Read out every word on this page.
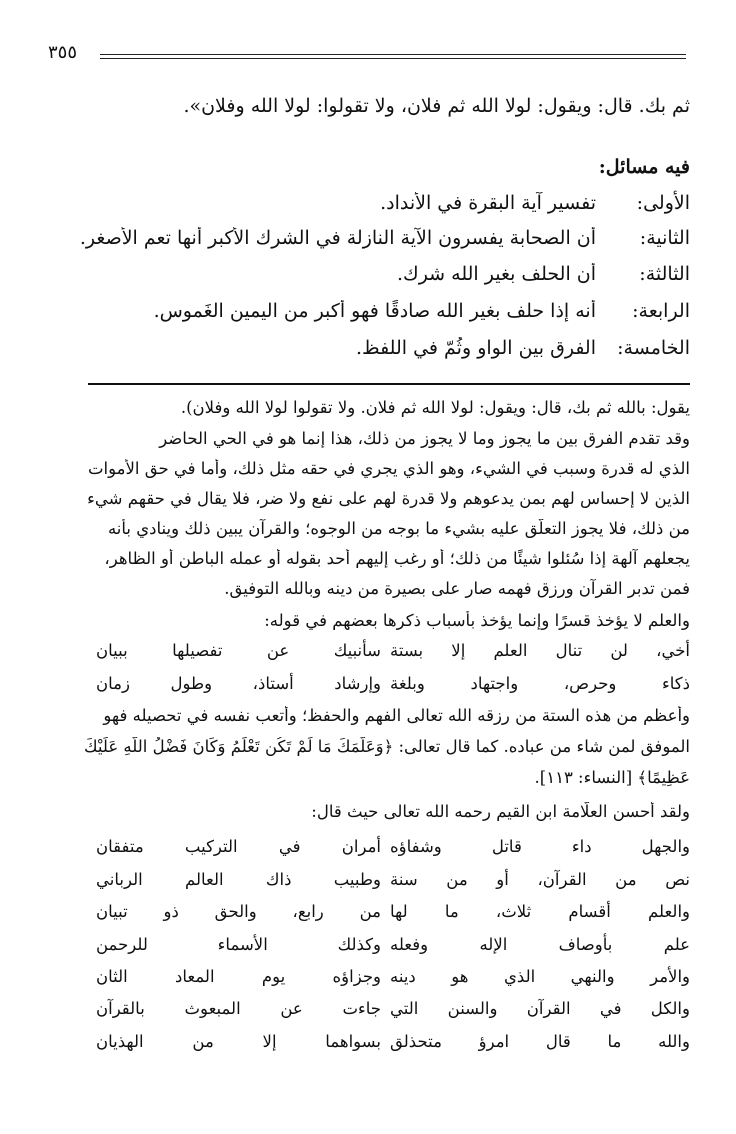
٣٥٥
ثم بك. قال: ويقول: لولا الله ثم فلان، ولا تقولوا: لولا الله وفلان».
فيه مسائل:
الأولى:
تفسير آية البقرة في الأنداد.
الثانية:
أن الصحابة يفسرون الآية النازلة في الشرك الأكبر أنها تعم الأصغر.
الثالثة:
أن الحلف بغير الله شرك.
الرابعة:
أنه إذا حلف بغير الله صادقًا فهو أكبر من اليمين الغَموس.
الخامسة:
الفرق بين الواو وثُمّ في اللفظ.
يقول: بالله ثم بك، قال: ويقول: لولا الله ثم فلان. ولا تقولوا لولا الله وفلان).
وقد تقدم الفرق بين ما يجوز وما لا يجوز من ذلك، هذا إنما هو في الحي الحاضر
الذي له قدرة وسبب في الشيء، وهو الذي يجري في حقه مثل ذلك، وأما في حق الأموات
الذين لا إحساس لهم بمن يدعوهم ولا قدرة لهم على نفع ولا ضر، فلا يقال في حقهم شيء
من ذلك، فلا يجوز التعلّق عليه بشيء ما بوجه من الوجوه؛ والقرآن يبين ذلك وينادي بأنه
يجعلهم آلهة إذا سُئلوا شيئًا من ذلك؛ أو رغب إليهم أحد بقوله أو عمله الباطن أو الظاهر،
فمن تدبر القرآن ورزق فهمه صار على بصيرة من دينه وبالله التوفيق.
والعلم لا يؤخذ قسرًا وإنما يؤخذ بأسباب ذكرها بعضهم في قوله:
أخي، لن تنال العلم إلا بستة
سأنبيك عن تفصيلها ببيان
ذكاء وحرص، واجتهاد وبلغة
وإرشاد أستاذ، وطول زمان
وأعظم من هذه الستة من رزقه الله تعالى الفهم والحفظ؛ وأتعب نفسه في تحصيله فهو
الموفق لمن شاء من عباده. كما قال تعالى: ﴿وَعَلَّمَكَ مَا لَمْ تَكُن تَعْلَمُ وَكَانَ فَضْلُ اللَّهِ عَلَيْكَ
عَظِيمًا﴾ [النساء: ١١٣].
ولقد أحسن العلّامة ابن القيم رحمه الله تعالى حيث قال:
والجهل داء قاتل وشفاؤه
أمران في التركيب متفقان
نص من القرآن، أو من سنة
وطبيب ذاك العالم الرباني
والعلم أقسام ثلاث، ما لها
من رابع، والحق ذو تبيان
علم بأوصاف الإله وفعله
وكذلك الأسماء للرحمن
والأمر والنهي الذي هو دينه
وجزاؤه يوم المعاد الثان
والكل في القرآن والسنن التي
جاءت عن المبعوث بالقرآن
والله ما قال امرؤ متحذلق
بسواهما إلا من الهذيان
